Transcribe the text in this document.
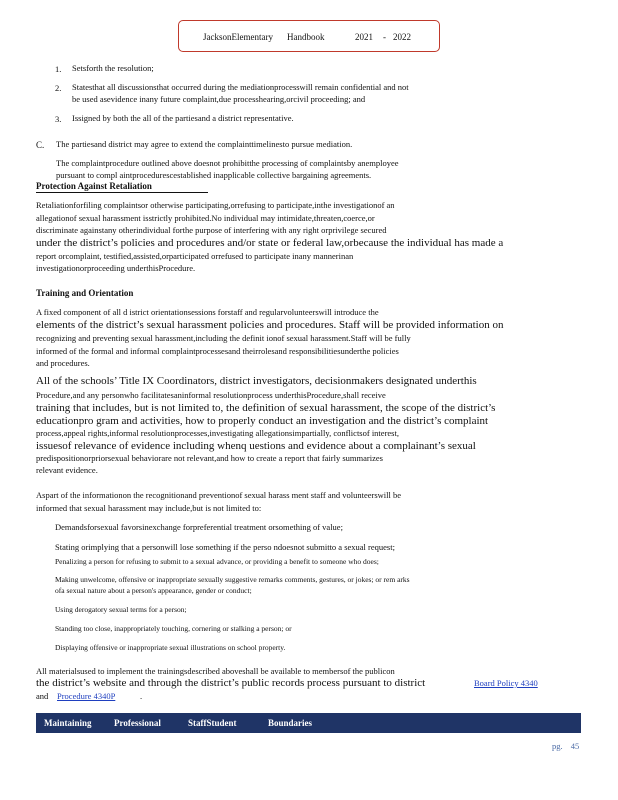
JacksonElementary Handbook	2021 - 2022
1. Setsforth the resolution;
2. Statesthat all discussionsthat occurred during the mediationprocesswill remain confidential and not
be used asevidence inany future complaint,due processhearing,orcivil proceeding; and
3. Issigned by both the all of the partiesand a district representative.
C. The partiesand district may agree to extend the complainttimelinesto pursue mediation.
The complaintprocedure outlined above doesnot prohibitthe processing of complaintsby anemployee
pursuant to compl aintprocedurescestablished inapplicable collective bargaining agreements.
Protection Against Retaliation
Retaliationforfiling complaintsor otherwise participating,orrefusing to participate,inthe investigationof an
allegationof sexual harassment isstrictly prohibited.No individual may intimidate,threaten,coerce,or
discriminate againstany otherindividual forthe purpose of interfering with any right orprivilege secured
under the district’s policies and procedures and/or state or federal law,orbecause the individual has made a
report orcomplaint, testified,assisted,orparticipated orrefused to participate inany mannerinan
investigationorproceeding underthisProcedure.
Training and Orientation
A fixed component of all d istrict orientationsessions forstaff and regularvolunteerswill introduce the
elements of the district’s sexual harassment policies and procedures. Staff will be provided information on
recognizing and preventing sexual harassment,including the definit ionof sexual harassment.Staff will be fully
informed of the formal and informal complaintprocessesand theirrolesand responsibilitiesunderthe policies
and procedures.
All of the schools’ Title IX Coordinators, district investigators, decisionmakers designated underthis
Procedure,and any personwho facilitatesaninformal resolutionprocess underthisProcedure,shall receive
training that includes, but is not limited to, the definition of sexual harassment, the scope of the district’s
educationpro gram and activities, how to properly conduct an investigation and the district’s complaint
process,appeal rights,informal resolutionprocesses,investigating allegationsimpartially, conflictsof interest,
issuesof relevance of evidence including whenq uestions and evidence about a complainant’s sexual
predispositionorpriorsexual behaviorare not relevant,and how to create a report that fairly summarizes
relevant evidence.
Aspart of the informationon the recognitionand preventionof sexual harass ment staff and volunteerswill be
informed that sexual harassment may include,but is not limited to:
Demandsforsexual favorsinexchange forpreferential treatment orsomething of value;
Stating orimplying that a personwill lose something if the perso ndoesnot submitto a sexual request;
Penalizing a person for refusing to submit to a sexual advance, or providing a benefit to someone who does;
Making unwelcome, offensive or inappropriate sexually suggestive remarks comments, gestures, or jokes; or rem arks
ofa sexual nature about a person's appearance, gender or conduct;
Using derogatory sexual terms for a person;
Standing too close, inappropriately touching, cornering or stalking a person; or
Displaying offensive or inappropriate sexual illustrations on school property.
All materialsused to implement the trainingsdescribed aboveshall be available to membersof the publicon
the district’s website and through the district’s public records process pursuant to district	Board Policy 4340
and Procedure 4340P	.
Maintaining Professional	StaffStudent	Boundaries
pg. 45
